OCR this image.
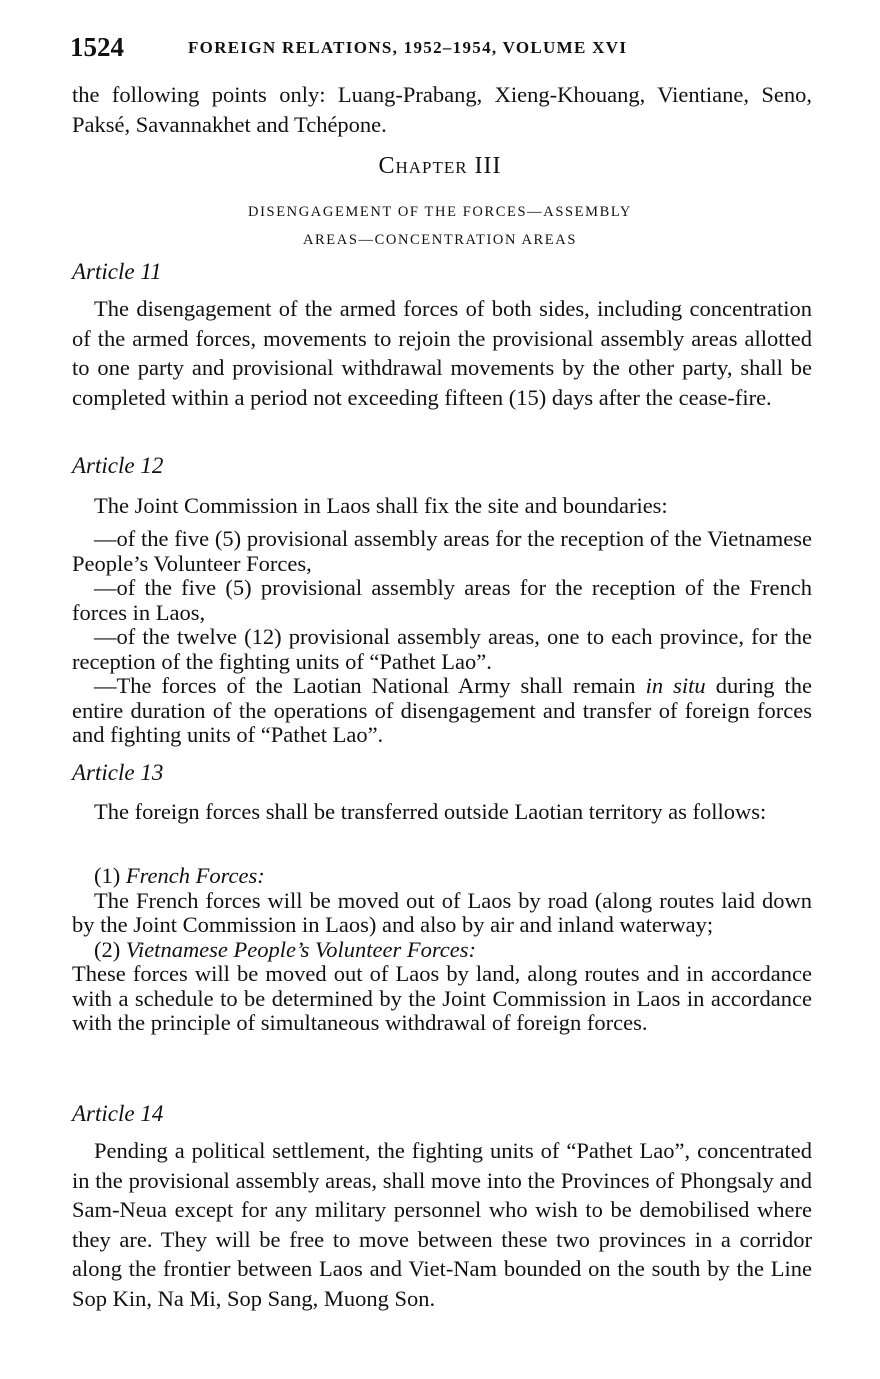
1524	FOREIGN RELATIONS, 1952–1954, VOLUME XVI

the following points only: Luang-Prabang, Xieng-Khouang, Vientiane, Seno, Paksé, Savannakhet and Tchépone.

Chapter III
DISENGAGEMENT OF THE FORCES—ASSEMBLY
AREAS—CONCENTRATION AREAS
Article 11

The disengagement of the armed forces of both sides, including concentration of the armed forces, movements to rejoin the provisional assembly areas allotted to one party and provisional withdrawal movements by the other party, shall be completed within a period not exceeding fifteen (15) days after the cease-fire.

Article 12

The Joint Commission in Laos shall fix the site and boundaries:

—of the five (5) provisional assembly areas for the reception of the Vietnamese People’s Volunteer Forces,

—of the five (5) provisional assembly areas for the reception of the French forces in Laos,

—of the twelve (12) provisional assembly areas, one to each province, for the reception of the fighting units of “Pathet Lao”.

—The forces of the Laotian National Army shall remain in situ during the entire duration of the operations of disengagement and transfer of foreign forces and fighting units of “Pathet Lao”.

Article 13

The foreign forces shall be transferred outside Laotian territory as follows:

(1) French Forces:

The French forces will be moved out of Laos by road (along routes laid down by the Joint Commission in Laos) and also by air and inland waterway;

(2) Vietnamese People’s Volunteer Forces:

These forces will be moved out of Laos by land, along routes and in accordance with a schedule to be determined by the Joint Commission in Laos in accordance with the principle of simultaneous withdrawal of foreign forces.

Article 14

Pending a political settlement, the fighting units of “Pathet Lao”, concentrated in the provisional assembly areas, shall move into the Provinces of Phongsaly and Sam-Neua except for any military personnel who wish to be demobilised where they are. They will be free to move between these two provinces in a corridor along the frontier between Laos and Viet-Nam bounded on the south by the Line Sop Kin, Na Mi, Sop Sang, Muong Son.
